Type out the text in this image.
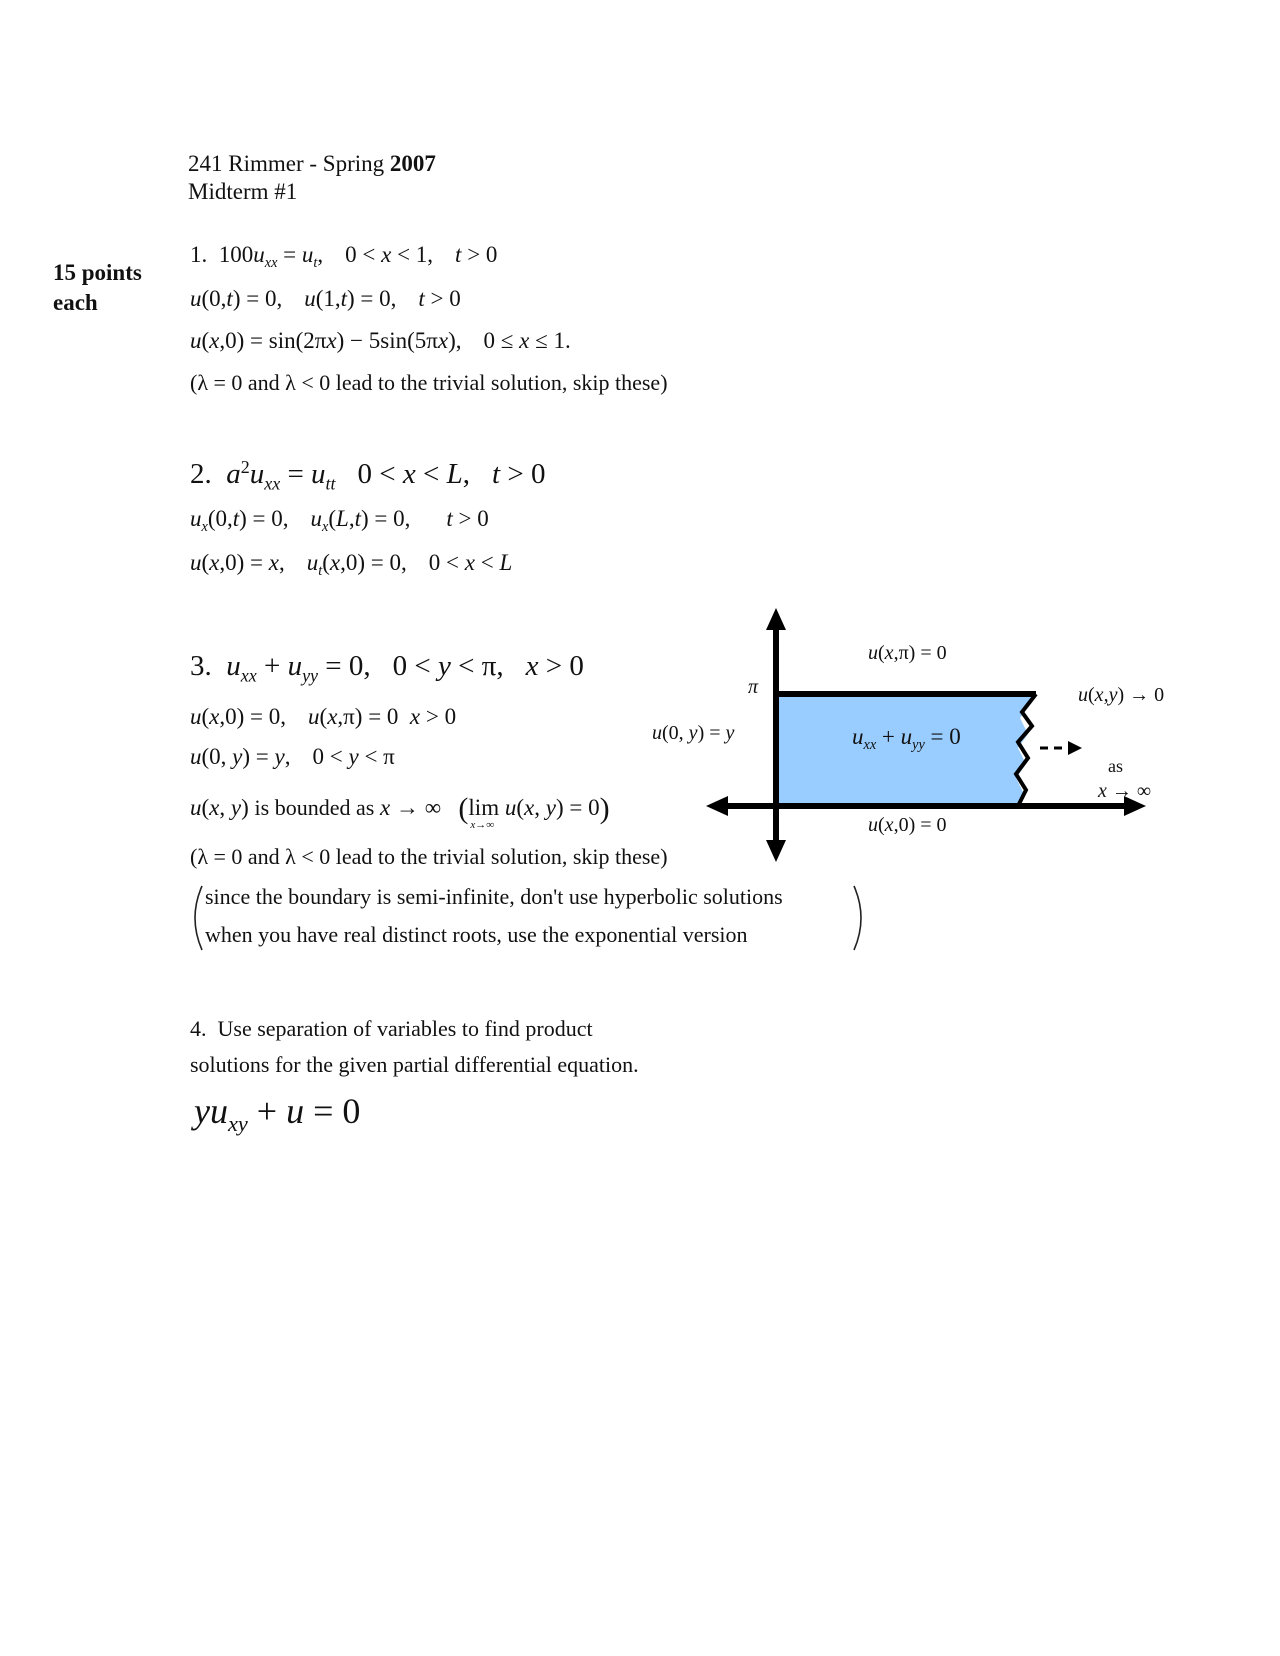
241 Rimmer - Spring 2007
Midterm #1
15 points
each
1.  $100u_{xx} = u_t$, 0 < x < 1, t > 0
u(0,t) = 0, u(1,t) = 0, t > 0
u(x,0) = sin(2πx) − 5sin(5πx), 0 ≤ x ≤ 1.
(λ = 0 and λ < 0 lead to the trivial solution, skip these)
2. $a^2u_{xx} = u_{tt}$ 0 < x < L, t > 0
$u_x(0,t) = 0$, $u_x(L,t) = 0$, t > 0
u(x,0) = x, $u_t(x,0) = 0$, 0 < x < L
3. $u_{xx} + u_{yy} = 0$, 0 < y < π, x > 0
u(x,0) = 0, u(x,π) = 0  x > 0
u(0, y) = y, 0 < y < π
u(x, y) is bounded as x → ∞   (lim
x→∞
u(x, y) = 0)
(λ = 0 and λ < 0 lead to the trivial solution, skip these)
since the boundary is semi-infinite, don't use hyperbolic solutions
when you have real distinct roots, use the exponential version
u(x,π) = 0
u(x,0) = 0
π
u(0, y) = y	$u_{xx} + u_{yy} = 0$
u(x,y) → 0
as

x → ∞
4. Use separation of variables to find product
solutions for the given partial differential equation.
$yu_{xy} + u = 0$
